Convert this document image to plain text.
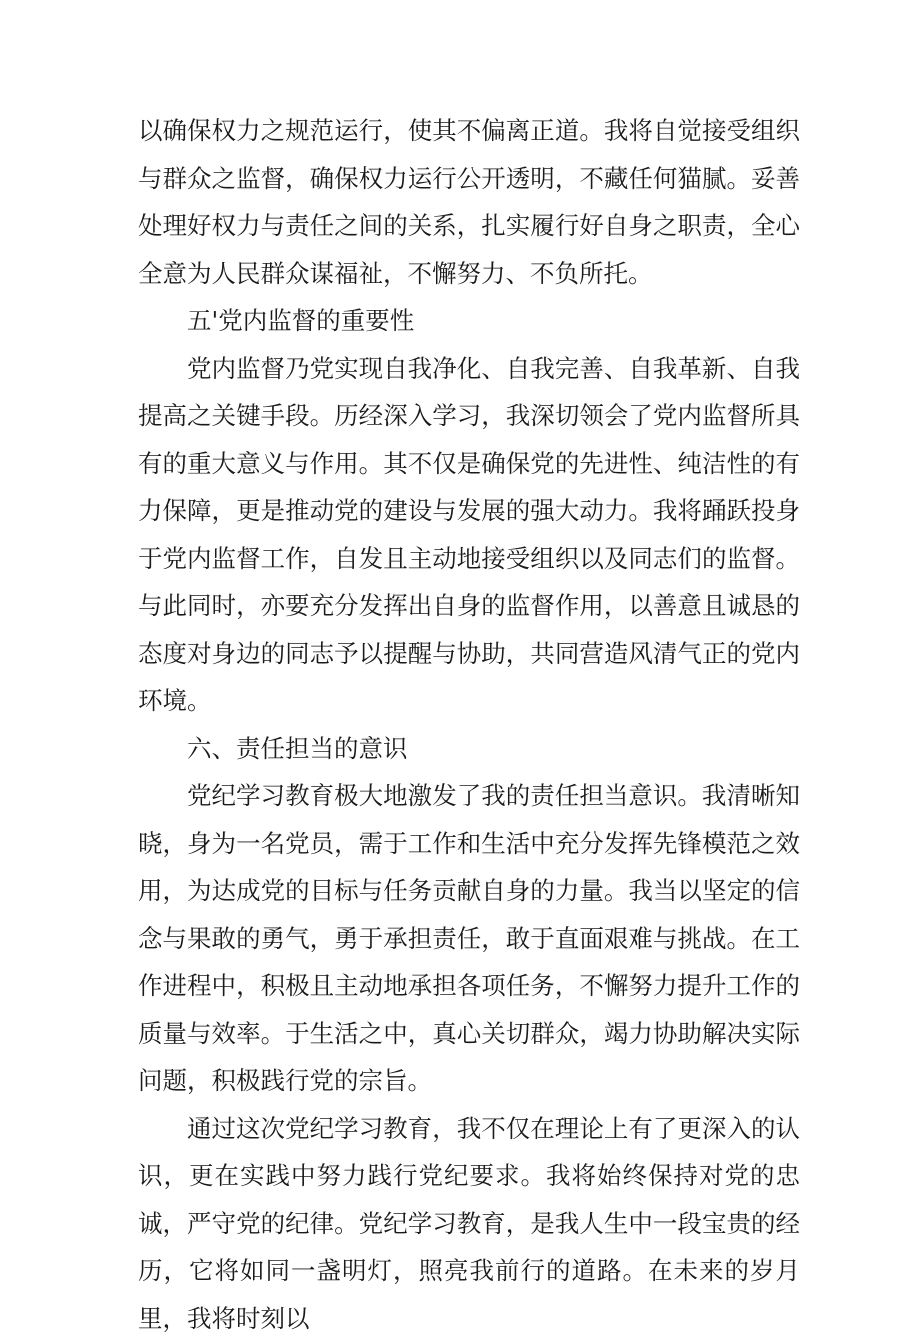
以确保权力之规范运行，使其不偏离正道。我将自觉接受组织与群众之监督，确保权力运行公开透明，不藏任何猫腻。妥善处理好权力与责任之间的关系，扎实履行好自身之职责，全心全意为人民群众谋福祉，不懈努力、不负所托。

五'党内监督的重要性

党内监督乃党实现自我净化、自我完善、自我革新、自我提高之关键手段。历经深入学习，我深切领会了党内监督所具有的重大意义与作用。其不仅是确保党的先进性、纯洁性的有力保障，更是推动党的建设与发展的强大动力。我将踊跃投身于党内监督工作，自发且主动地接受组织以及同志们的监督。与此同时，亦要充分发挥出自身的监督作用，以善意且诚恳的态度对身边的同志予以提醒与协助，共同营造风清气正的党内环境。

六、责任担当的意识

党纪学习教育极大地激发了我的责任担当意识。我清晰知晓，身为一名党员，需于工作和生活中充分发挥先锋模范之效用，为达成党的目标与任务贡献自身的力量。我当以坚定的信念与果敢的勇气，勇于承担责任，敢于直面艰难与挑战。在工作进程中，积极且主动地承担各项任务，不懈努力提升工作的质量与效率。于生活之中，真心关切群众，竭力协助解决实际问题，积极践行党的宗旨。

通过这次党纪学习教育，我不仅在理论上有了更深入的认识，更在实践中努力践行党纪要求。我将始终保持对党的忠诚，严守党的纪律。党纪学习教育，是我人生中一段宝贵的经历，它将如同一盏明灯，照亮我前行的道路。在未来的岁月里，我将时刻以
